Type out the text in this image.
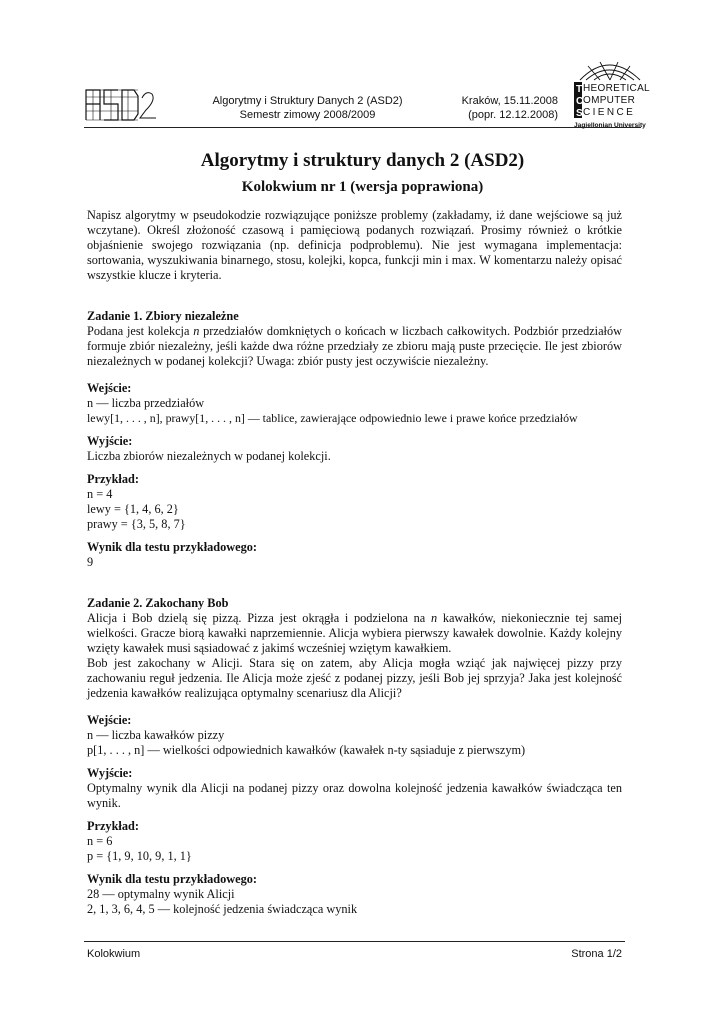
Algorytmy i Struktury Danych 2 (ASD2)
Semestr zimowy 2008/2009
Kraków, 15.11.2008
(popr. 12.12.2008)
T
C
S
HEORETICAL
OMPUTER
CIENCE
Jagiellonian University
Algorytmy i struktury danych 2 (ASD2)
Kolokwium nr 1 (wersja poprawiona)

Napisz algorytmy w pseudokodzie rozwiązujące poniższe problemy (zakładamy, iż dane wejściowe są już wczytane). Określ złożoność czasową i pamięciową podanych rozwiązań. Prosimy również o krótkie objaśnienie swojego rozwiązania (np. definicja podproblemu). Nie jest wymagana implementacja: sortowania, wyszukiwania binarnego, stosu, kolejki, kopca, funkcji min i max. W komentarzu należy opisać wszystkie klucze i kryteria.

Zadanie 1. Zbiory niezależne

Podana jest kolekcja n przedziałów domkniętych o końcach w liczbach całkowitych. Podzbiór przedziałów formuje zbiór niezależny, jeśli każde dwa różne przedziały ze zbioru mają puste przecięcie. Ile jest zbiorów niezależnych w podanej kolekcji? Uwaga: zbiór pusty jest oczywiście niezależny.

Wejście:

n — liczba przedziałów

lewy[1, . . . , n], prawy[1, . . . , n] — tablice, zawierające odpowiednio lewe i prawe końce przedziałów

Wyjście:

Liczba zbiorów niezależnych w podanej kolekcji.

Przykład:

n = 4

lewy = {1, 4, 6, 2}

prawy = {3, 5, 8, 7}

Wynik dla testu przykładowego:

9

Zadanie 2. Zakochany Bob

Alicja i Bob dzielą się pizzą. Pizza jest okrągła i podzielona na n kawałków, niekoniecznie tej samej wielkości. Gracze biorą kawałki naprzemiennie. Alicja wybiera pierwszy kawałek dowolnie. Każdy kolejny wzięty kawałek musi sąsiadować z jakimś wcześniej wziętym kawałkiem.

Bob jest zakochany w Alicji. Stara się on zatem, aby Alicja mogła wziąć jak najwięcej pizzy przy zachowaniu reguł jedzenia. Ile Alicja może zjeść z podanej pizzy, jeśli Bob jej sprzyja? Jaka jest kolejność jedzenia kawałków realizująca optymalny scenariusz dla Alicji?

Wejście:

n — liczba kawałków pizzy

p[1, . . . , n] — wielkości odpowiednich kawałków (kawałek n-ty sąsiaduje z pierwszym)

Wyjście:

Optymalny wynik dla Alicji na podanej pizzy oraz dowolna kolejność jedzenia kawałków świadcząca ten wynik.

Przykład:

n = 6

p = {1, 9, 10, 9, 1, 1}

Wynik dla testu przykładowego:

28 — optymalny wynik Alicji

2, 1, 3, 6, 4, 5 — kolejność jedzenia świadcząca wynik

Kolokwium	Strona 1/2
